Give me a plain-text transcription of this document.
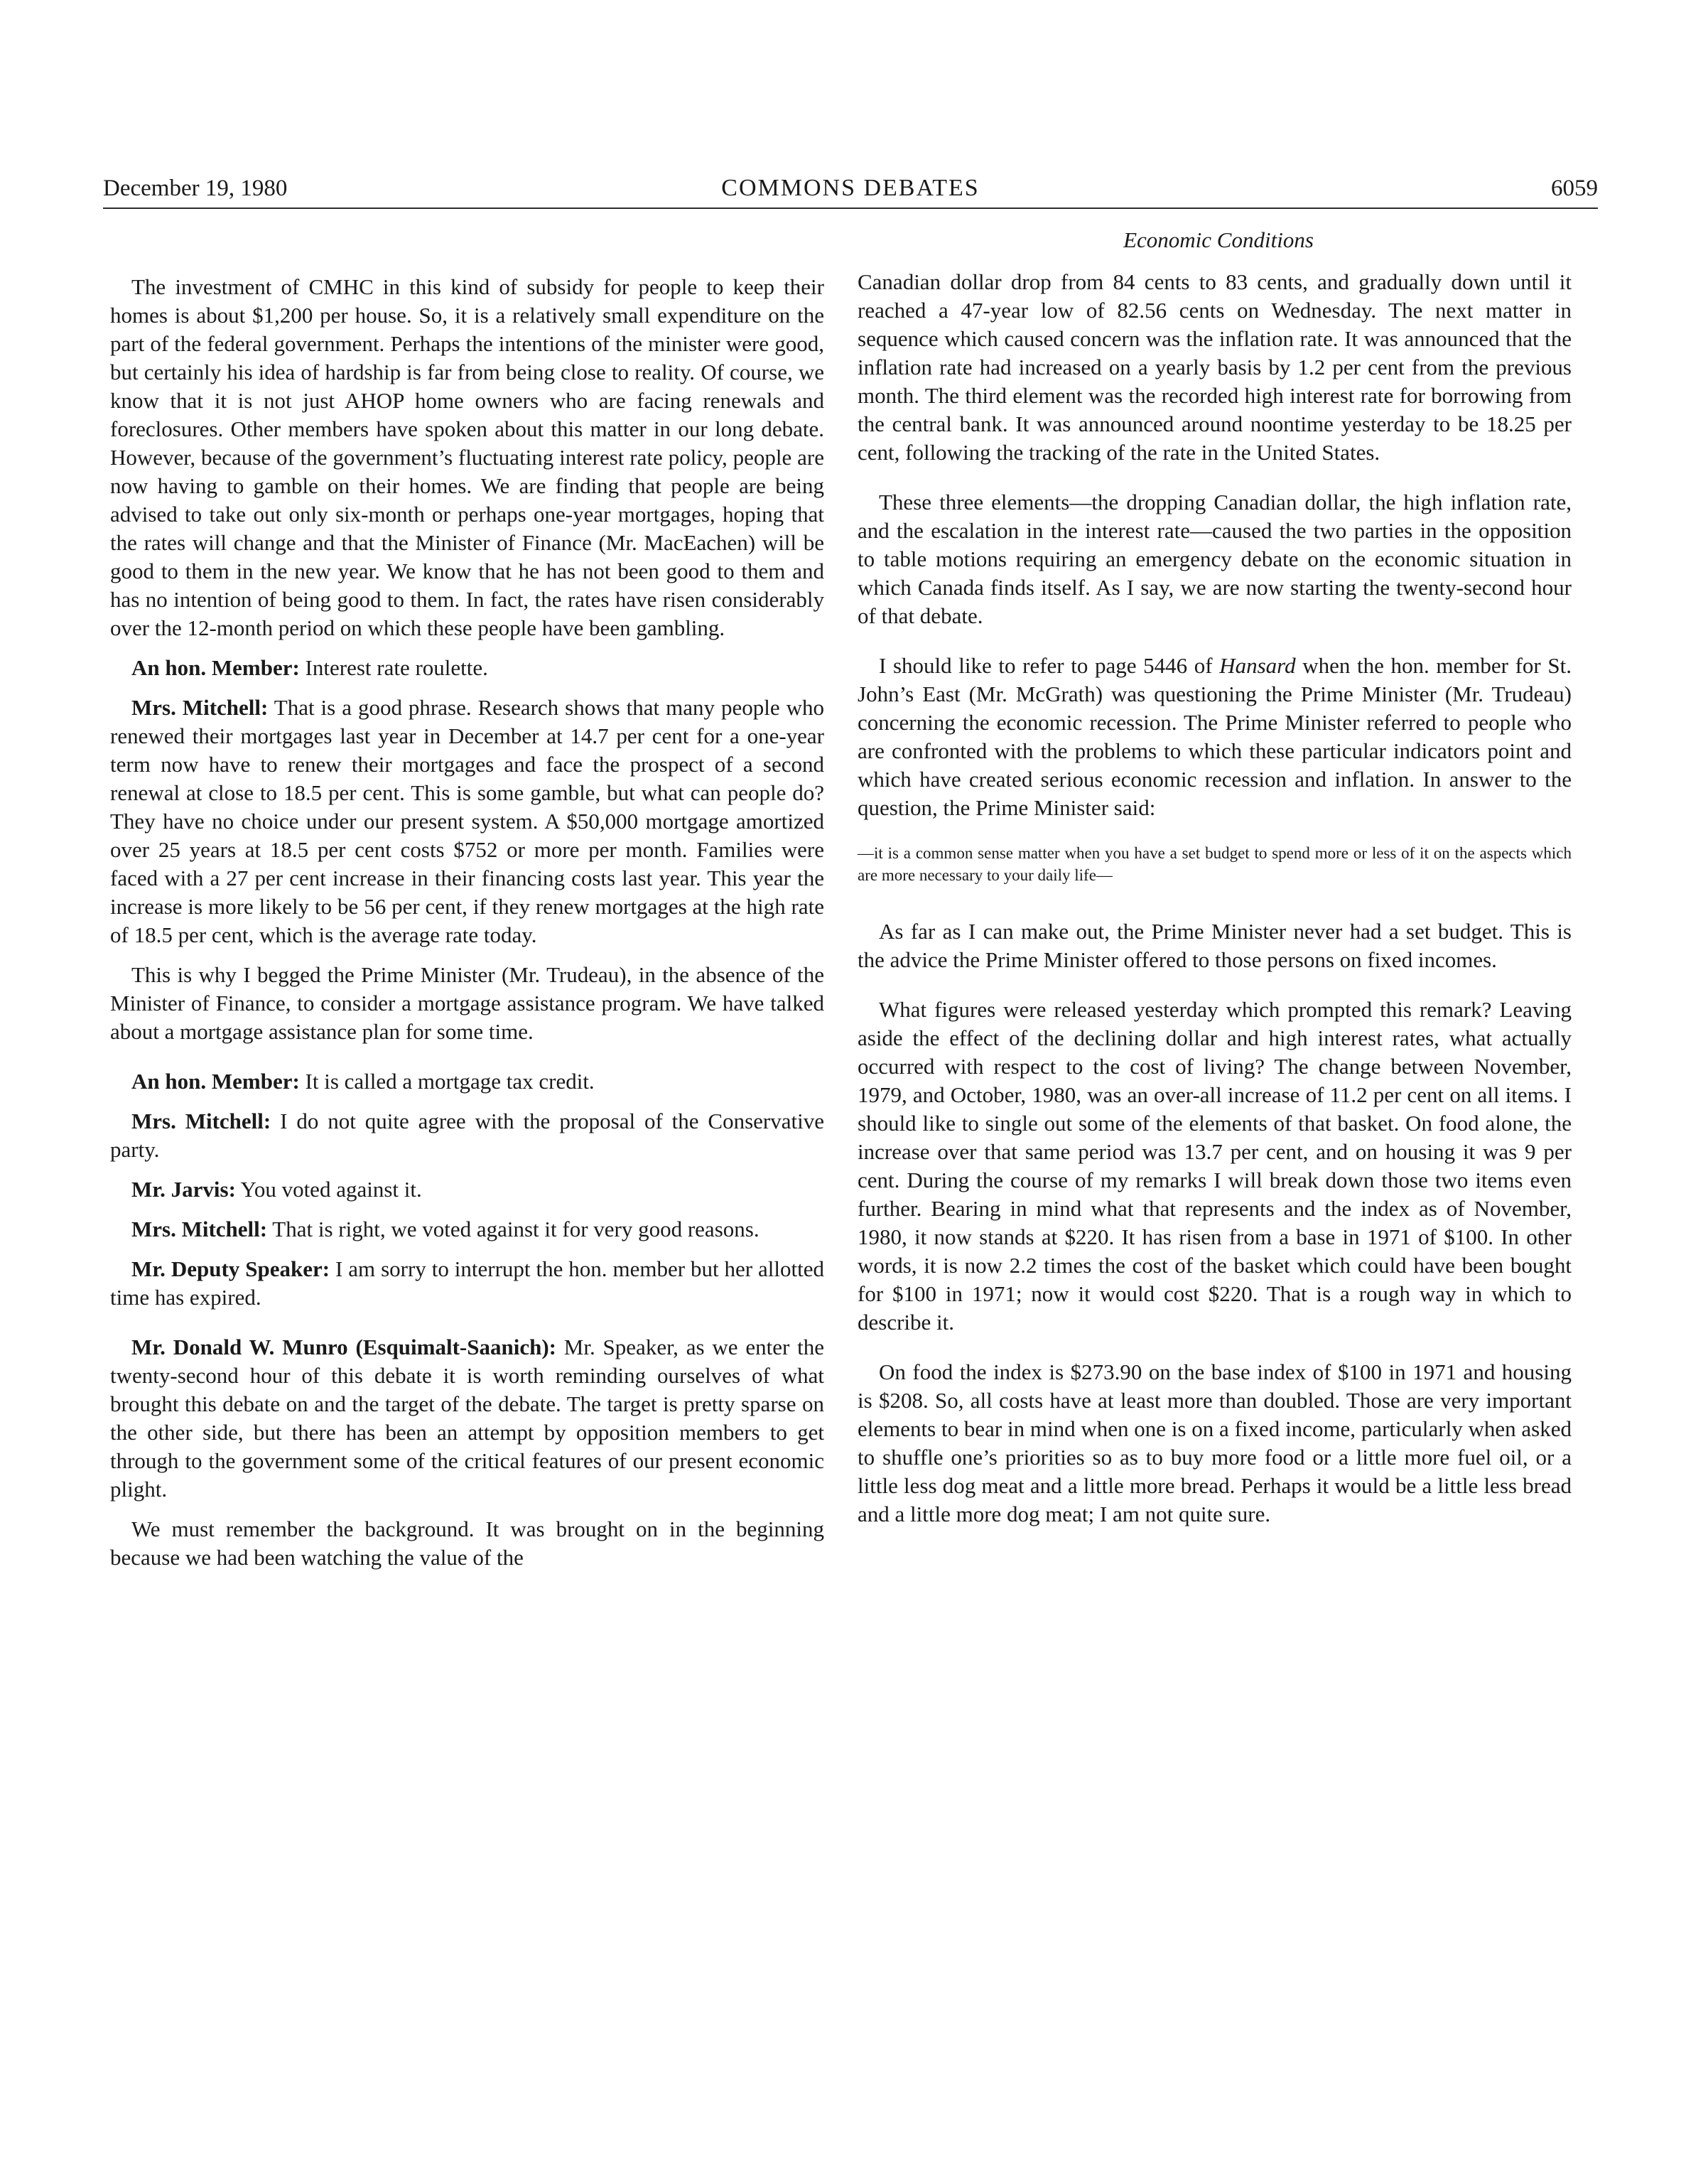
December 19, 1980	COMMONS DEBATES	6059
Economic Conditions

The investment of CMHC in this kind of subsidy for people to keep their homes is about $1,200 per house. So, it is a relatively small expenditure on the part of the federal government. Perhaps the intentions of the minister were good, but certainly his idea of hardship is far from being close to reality. Of course, we know that it is not just AHOP home owners who are facing renewals and foreclosures. Other members have spoken about this matter in our long debate. However, because of the government’s fluctuating interest rate policy, people are now having to gamble on their homes. We are finding that people are being advised to take out only six-month or perhaps one-year mortgages, hoping that the rates will change and that the Minister of Finance (Mr. MacEachen) will be good to them in the new year. We know that he has not been good to them and has no intention of being good to them. In fact, the rates have risen considerably over the 12-month period on which these people have been gambling.

An hon. Member: Interest rate roulette.

Mrs. Mitchell: That is a good phrase. Research shows that many people who renewed their mortgages last year in December at 14.7 per cent for a one-year term now have to renew their mortgages and face the prospect of a second renewal at close to 18.5 per cent. This is some gamble, but what can people do? They have no choice under our present system. A $50,000 mortgage amortized over 25 years at 18.5 per cent costs $752 or more per month. Families were faced with a 27 per cent increase in their financing costs last year. This year the increase is more likely to be 56 per cent, if they renew mortgages at the high rate of 18.5 per cent, which is the average rate today.

This is why I begged the Prime Minister (Mr. Trudeau), in the absence of the Minister of Finance, to consider a mortgage assistance program. We have talked about a mortgage assistance plan for some time.

An hon. Member: It is called a mortgage tax credit.

Mrs. Mitchell: I do not quite agree with the proposal of the Conservative party.

Mr. Jarvis: You voted against it.

Mrs. Mitchell: That is right, we voted against it for very good reasons.

Mr. Deputy Speaker: I am sorry to interrupt the hon. member but her allotted time has expired.

Mr. Donald W. Munro (Esquimalt-Saanich): Mr. Speaker, as we enter the twenty-second hour of this debate it is worth reminding ourselves of what brought this debate on and the target of the debate. The target is pretty sparse on the other side, but there has been an attempt by opposition members to get through to the government some of the critical features of our present economic plight.

We must remember the background. It was brought on in the beginning because we had been watching the value of the

Canadian dollar drop from 84 cents to 83 cents, and gradually down until it reached a 47-year low of 82.56 cents on Wednesday. The next matter in sequence which caused concern was the inflation rate. It was announced that the inflation rate had increased on a yearly basis by 1.2 per cent from the previous month. The third element was the recorded high interest rate for borrowing from the central bank. It was announced around noontime yesterday to be 18.25 per cent, following the tracking of the rate in the United States.

These three elements—the dropping Canadian dollar, the high inflation rate, and the escalation in the interest rate—caused the two parties in the opposition to table motions requiring an emergency debate on the economic situation in which Canada finds itself. As I say, we are now starting the twenty-second hour of that debate.

I should like to refer to page 5446 of Hansard when the hon. member for St. John’s East (Mr. McGrath) was questioning the Prime Minister (Mr. Trudeau) concerning the economic recession. The Prime Minister referred to people who are confronted with the problems to which these particular indicators point and which have created serious economic recession and inflation. In answer to the question, the Prime Minister said:

—it is a common sense matter when you have a set budget to spend more or less of it on the aspects which are more necessary to your daily life—

As far as I can make out, the Prime Minister never had a set budget. This is the advice the Prime Minister offered to those persons on fixed incomes.

What figures were released yesterday which prompted this remark? Leaving aside the effect of the declining dollar and high interest rates, what actually occurred with respect to the cost of living? The change between November, 1979, and October, 1980, was an over-all increase of 11.2 per cent on all items. I should like to single out some of the elements of that basket. On food alone, the increase over that same period was 13.7 per cent, and on housing it was 9 per cent. During the course of my remarks I will break down those two items even further. Bearing in mind what that represents and the index as of November, 1980, it now stands at $220. It has risen from a base in 1971 of $100. In other words, it is now 2.2 times the cost of the basket which could have been bought for $100 in 1971; now it would cost $220. That is a rough way in which to describe it.

On food the index is $273.90 on the base index of $100 in 1971 and housing is $208. So, all costs have at least more than doubled. Those are very important elements to bear in mind when one is on a fixed income, particularly when asked to shuffle one’s priorities so as to buy more food or a little more fuel oil, or a little less dog meat and a little more bread. Perhaps it would be a little less bread and a little more dog meat; I am not quite sure.
